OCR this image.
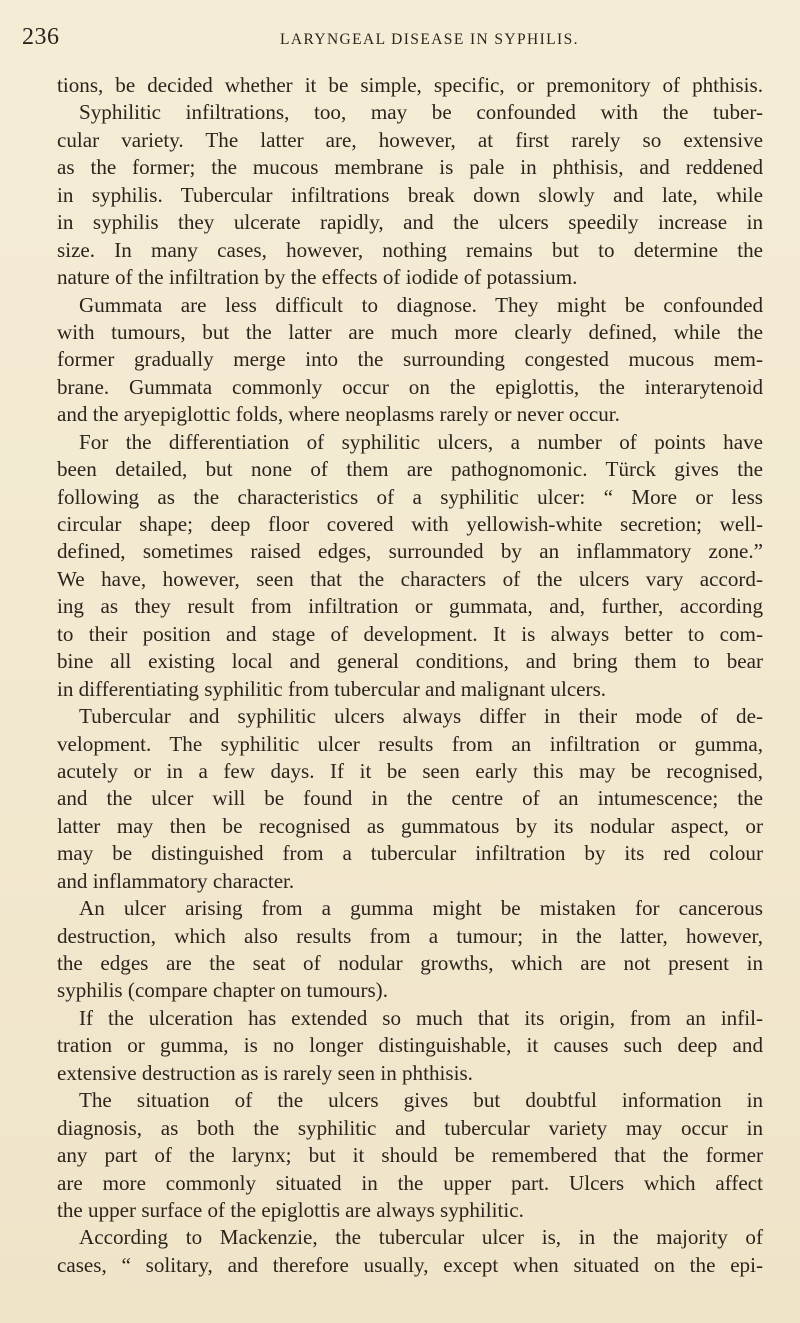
236	LARYNGEAL DISEASE IN SYPHILIS.
tions, be decided whether it be simple, specific, or premonitory of phthisis.
Syphilitic infiltrations, too, may be confounded with the tuber-
cular variety. The latter are, however, at first rarely so extensive
as the former; the mucous membrane is pale in phthisis, and reddened
in syphilis. Tubercular infiltrations break down slowly and late, while
in syphilis they ulcerate rapidly, and the ulcers speedily increase in
size. In many cases, however, nothing remains but to determine the
nature of the infiltration by the effects of iodide of potassium.
Gummata are less difficult to diagnose. They might be confounded
with tumours, but the latter are much more clearly defined, while the
former gradually merge into the surrounding congested mucous mem-
brane. Gummata commonly occur on the epiglottis, the interarytenoid
and the aryepiglottic folds, where neoplasms rarely or never occur.
For the differentiation of syphilitic ulcers, a number of points have
been detailed, but none of them are pathognomonic. Türck gives the
following as the characteristics of a syphilitic ulcer: “ More or less
circular shape; deep floor covered with yellowish-white secretion; well-
defined, sometimes raised edges, surrounded by an inflammatory zone.”
We have, however, seen that the characters of the ulcers vary accord-
ing as they result from infiltration or gummata, and, further, according
to their position and stage of development. It is always better to com-
bine all existing local and general conditions, and bring them to bear
in differentiating syphilitic from tubercular and malignant ulcers.
Tubercular and syphilitic ulcers always differ in their mode of de-
velopment. The syphilitic ulcer results from an infiltration or gumma,
acutely or in a few days. If it be seen early this may be recognised,
and the ulcer will be found in the centre of an intumescence; the
latter may then be recognised as gummatous by its nodular aspect, or
may be distinguished from a tubercular infiltration by its red colour
and inflammatory character.
An ulcer arising from a gumma might be mistaken for cancerous
destruction, which also results from a tumour; in the latter, however,
the edges are the seat of nodular growths, which are not present in
syphilis (compare chapter on tumours).
If the ulceration has extended so much that its origin, from an infil-
tration or gumma, is no longer distinguishable, it causes such deep and
extensive destruction as is rarely seen in phthisis.
The situation of the ulcers gives but doubtful information in
diagnosis, as both the syphilitic and tubercular variety may occur in
any part of the larynx; but it should be remembered that the former
are more commonly situated in the upper part. Ulcers which affect
the upper surface of the epiglottis are always syphilitic.
According to Mackenzie, the tubercular ulcer is, in the majority of
cases, “ solitary, and therefore usually, except when situated on the epi-
